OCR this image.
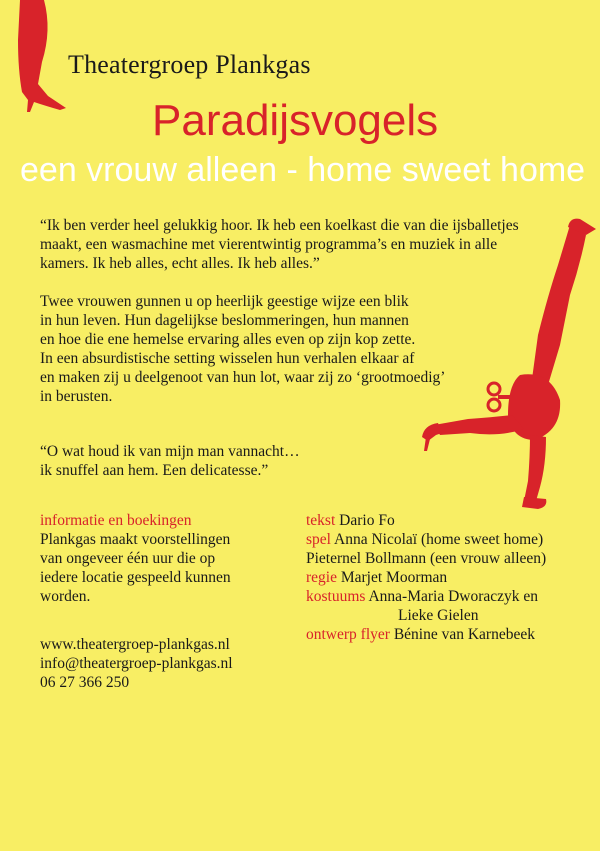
Theatergroep Plankgas
Paradijsvogels
een vrouw alleen - home sweet home
“Ik ben verder heel gelukkig hoor. Ik heb een koelkast die van die ijsballetjes
maakt, een wasmachine met vierentwintig programma’s en muziek in alle
kamers. Ik heb alles, echt alles. Ik heb alles.”
Twee vrouwen gunnen u op heerlijk geestige wijze een blik
in hun leven. Hun dagelijkse beslommeringen, hun mannen
en hoe die ene hemelse ervaring alles even op zijn kop zette.
In een absurdistische setting wisselen hun verhalen elkaar af
en maken zij u deelgenoot van hun lot, waar zij zo ‘grootmoedig’
in berusten.
“O wat houd ik van mijn man vannacht…
ik snuffel aan hem. Een delicatesse.”
informatie en boekingen
Plankgas maakt voorstellingen
van ongeveer één uur die op
iedere locatie gespeeld kunnen
worden.
www.theatergroep-plankgas.nl
info@theatergroep-plankgas.nl
06 27 366 250
tekst Dario Fo
spel Anna Nicolaï (home sweet home)
Pieternel Bollmann (een vrouw alleen)
regie Marjet Moorman
kostuums Anna-Maria Dworaczyk en
Lieke Gielen
ontwerp flyer Bénine van Karnebeek
